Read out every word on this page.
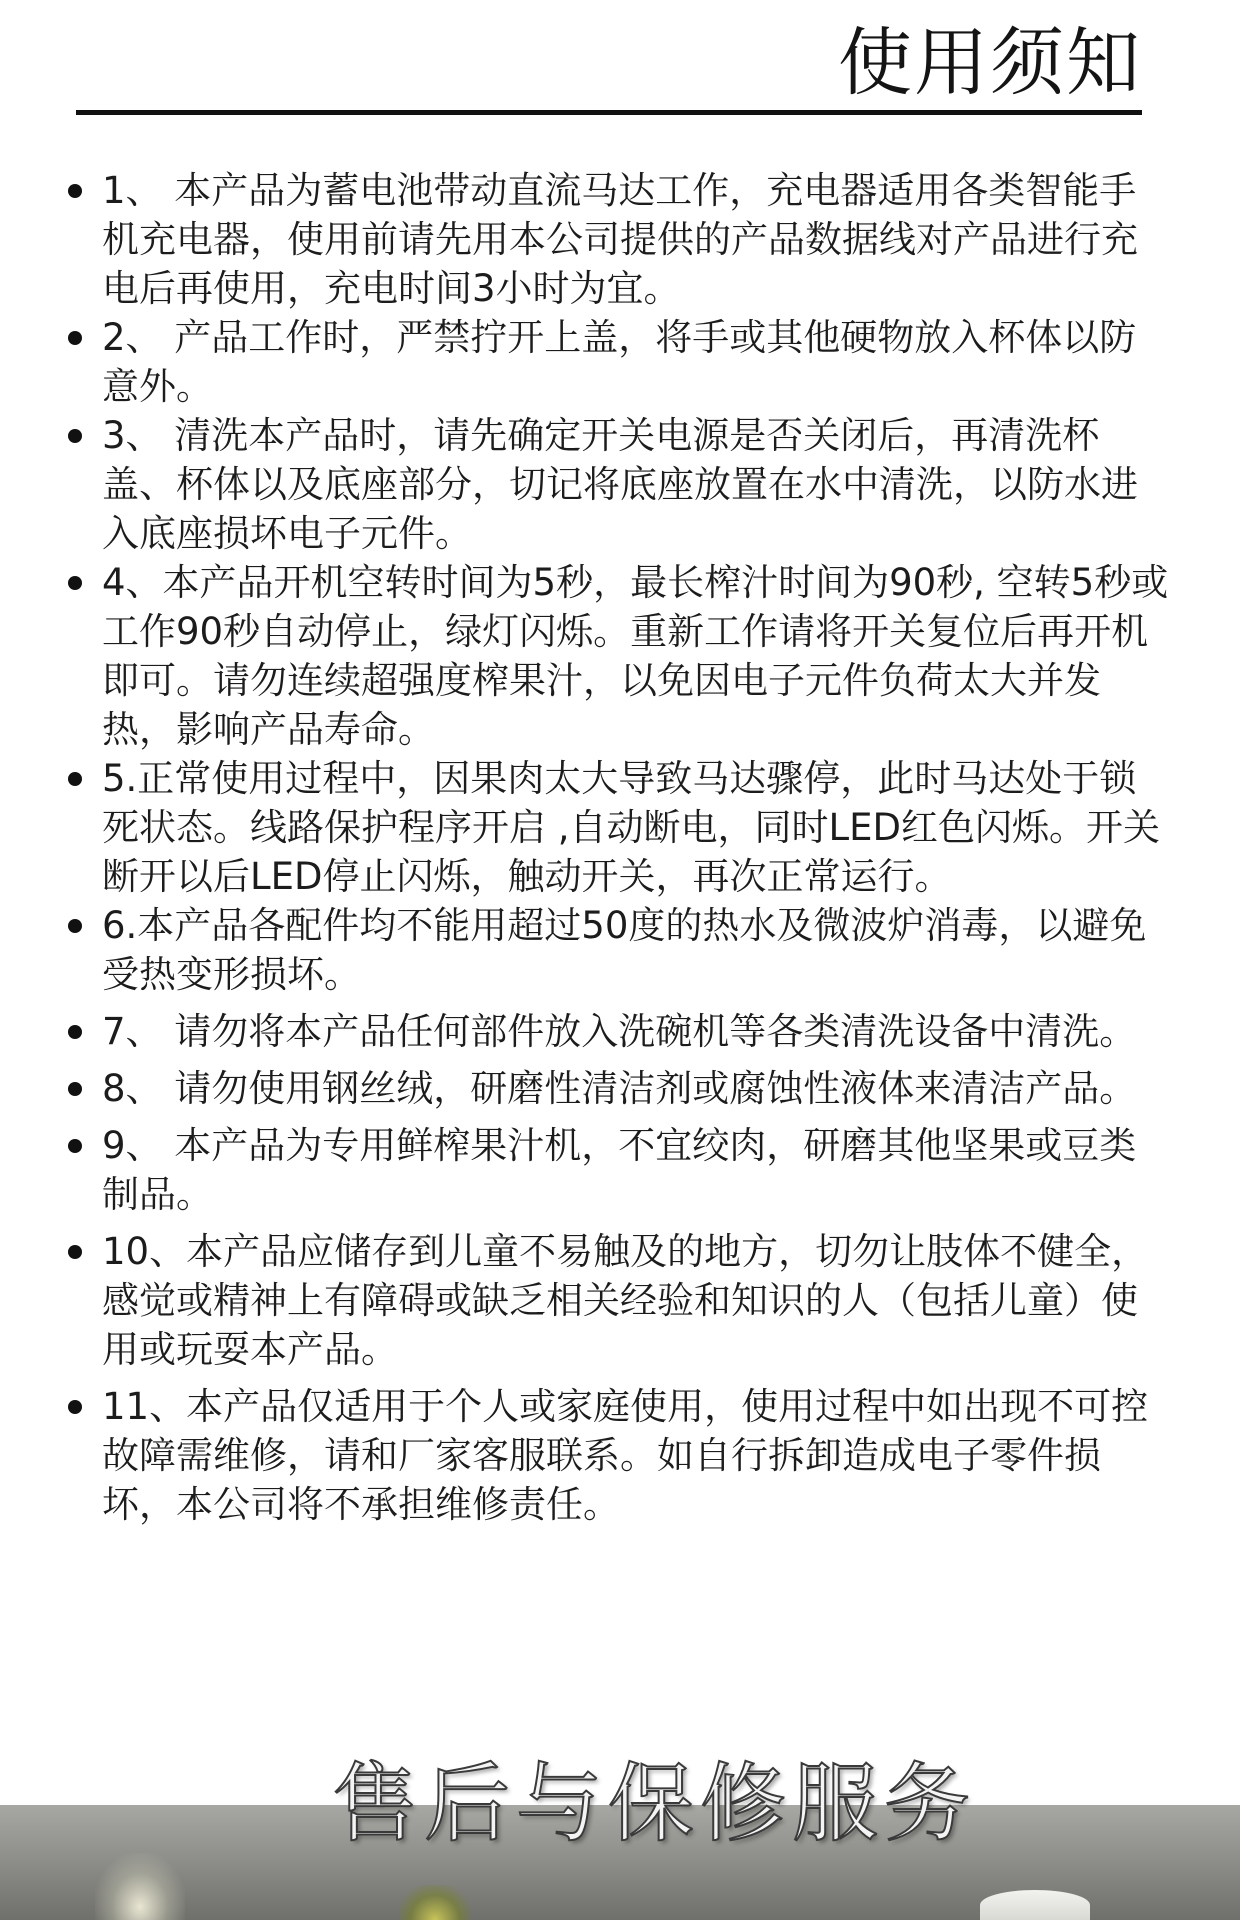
使用须知
1、 本产品为蓄电池带动直流马达工作，充电器适用各类智能手机充电器，使用前请先用本公司提供的产品数据线对产品进行充电后再使用，充电时间3小时为宜。
2、 产品工作时，严禁拧开上盖，将手或其他硬物放入杯体以防意外。
3、 清洗本产品时，请先确定开关电源是否关闭后，再清洗杯盖、杯体以及底座部分，切记将底座放置在水中清洗，以防水进入底座损坏电子元件。
4、本产品开机空转时间为5秒，最长榨汁时间为90秒, 空转5秒或工作90秒自动停止，绿灯闪烁。重新工作请将开关复位后再开机即可。请勿连续超强度榨果汁，以免因电子元件负荷太大并发热，影响产品寿命。
5.正常使用过程中，因果肉太大导致马达骤停，此时马达处于锁死状态。线路保护程序开启 ,自动断电，同时LED红色闪烁。开关断开以后LED停止闪烁，触动开关，再次正常运行。
6.本产品各配件均不能用超过50度的热水及微波炉消毒，以避免受热变形损坏。
7、 请勿将本产品任何部件放入洗碗机等各类清洗设备中清洗。
8、 请勿使用钢丝绒，研磨性清洁剂或腐蚀性液体来清洁产品。
9、 本产品为专用鲜榨果汁机，不宜绞肉，研磨其他坚果或豆类制品。
10、本产品应储存到儿童不易触及的地方，切勿让肢体不健全，感觉或精神上有障碍或缺乏相关经验和知识的人（包括儿童）使用或玩耍本产品。
11、本产品仅适用于个人或家庭使用，使用过程中如出现不可控故障需维修，请和厂家客服联系。如自行拆卸造成电子零件损坏，本公司将不承担维修责任。
售后与保修服务
